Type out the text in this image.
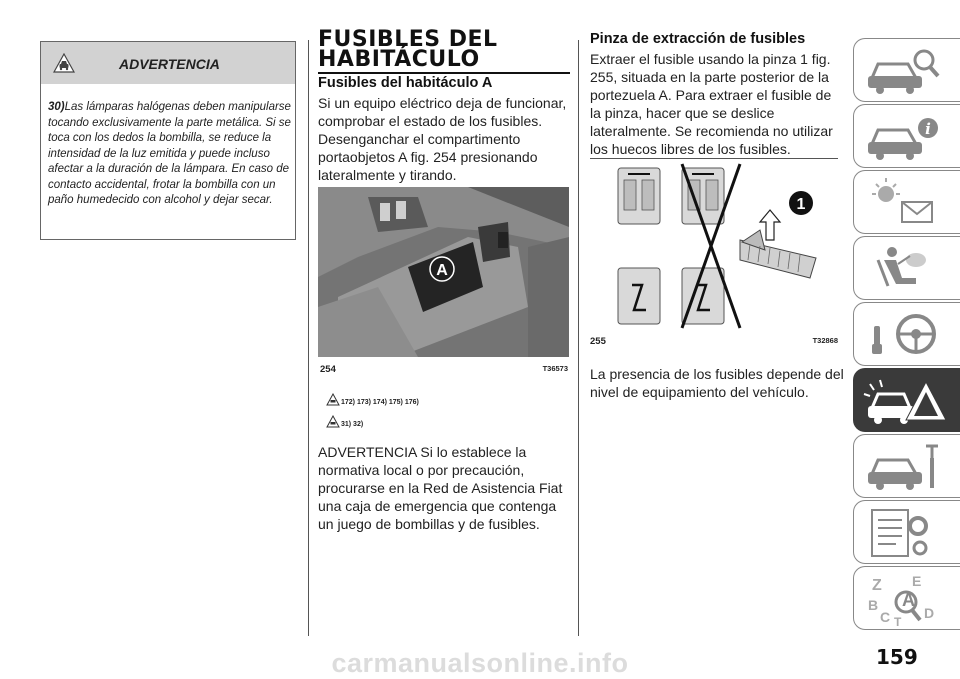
ADVERTENCIA
30)Las lámparas halógenas deben manipularse tocando exclusivamente la parte metálica. Si se toca con los dedos la bombilla, se reduce la intensidad de la luz emitida y puede incluso afectar a la duración de la lámpara. En caso de contacto accidental, frotar la bombilla con un paño humedecido con alcohol y dejar secar.
FUSIBLES DEL
HABITÁCULO
Fusibles del habitáculo A
Si un equipo eléctrico deja de funcionar, comprobar el estado de los fusibles. Desenganchar el compartimento portaobjetos A fig. 254 presionando lateralmente y tirando.
A
254	T36573
172) 173) 174) 175) 176)
31) 32)
ADVERTENCIA Si lo establece la normativa local o por precaución, procurarse en la Red de Asistencia Fiat una caja de emergencia que contenga un juego de bombillas y de fusibles.
Pinza de extracción de fusibles
Extraer el fusible usando la pinza 1 fig. 255, situada en la parte posterior de la portezuela A. Para extraer el fusible de la pinza, hacer que se deslice lateralmente. Se recomienda no utilizar los huecos libres de los fusibles.
1
255	T32868
La presencia de los fusibles depende del nivel de equipamiento del vehículo.
i
Z E
B A
C T
D
159
carmanualsonline.info
